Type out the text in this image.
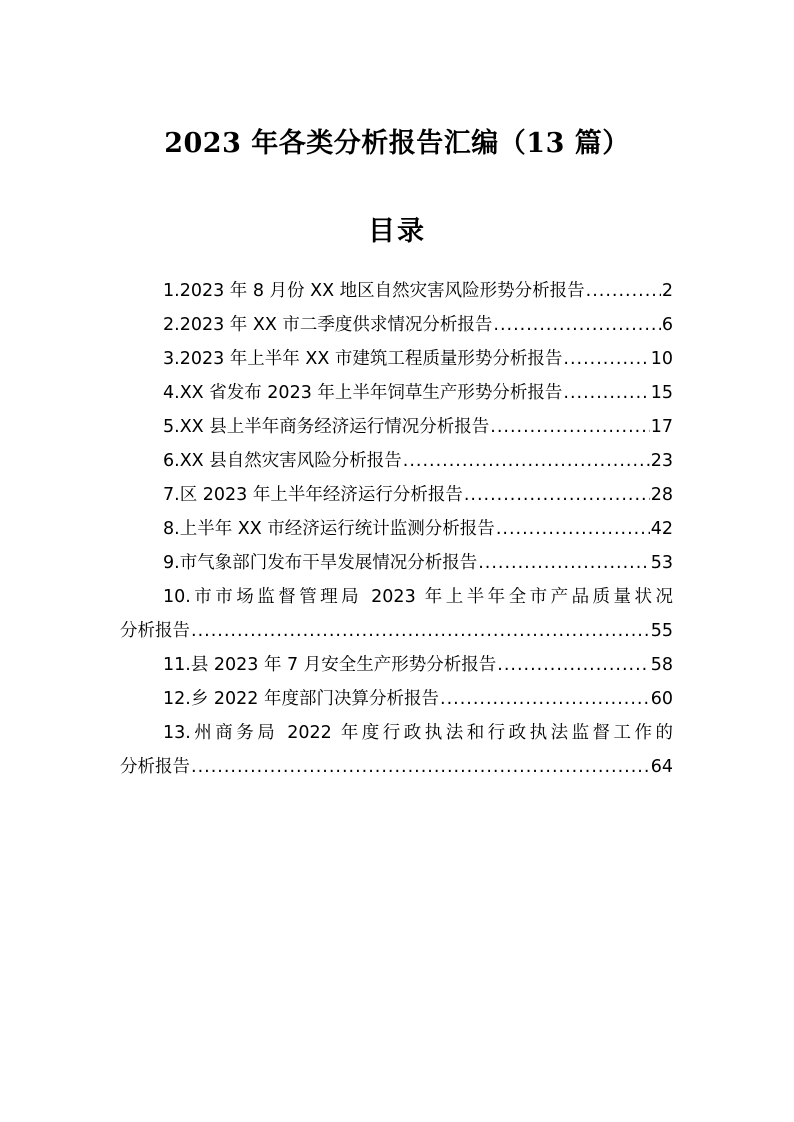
2023 年各类分析报告汇编（13 篇）
目录
1.2023 年 8 月份 XX 地区自然灾害风险形势分析报告 .....	2
2.2023 年 XX 市二季度供求情况分析报告 .....	6
3.2023 年上半年 XX 市建筑工程质量形势分析报告 .....	10
4.XX 省发布 2023 年上半年饲草生产形势分析报告 .....	15
5.XX 县上半年商务经济运行情况分析报告 .....	17
6.XX 县自然灾害风险分析报告 .....	23
7.区 2023 年上半年经济运行分析报告 .....	28
8.上半年 XX 市经济运行统计监测分析报告 .....	42
9.市气象部门发布干旱发展情况分析报告 .....	53
10.市市场监督管理局 2023 年上半年全市产品质量状况
分析报告 .....	55
11.县 2023 年 7 月安全生产形势分析报告 .....	58
12.乡 2022 年度部门决算分析报告 .....	60
13.州商务局 2022 年度行政执法和行政执法监督工作的
分析报告 .....	64
